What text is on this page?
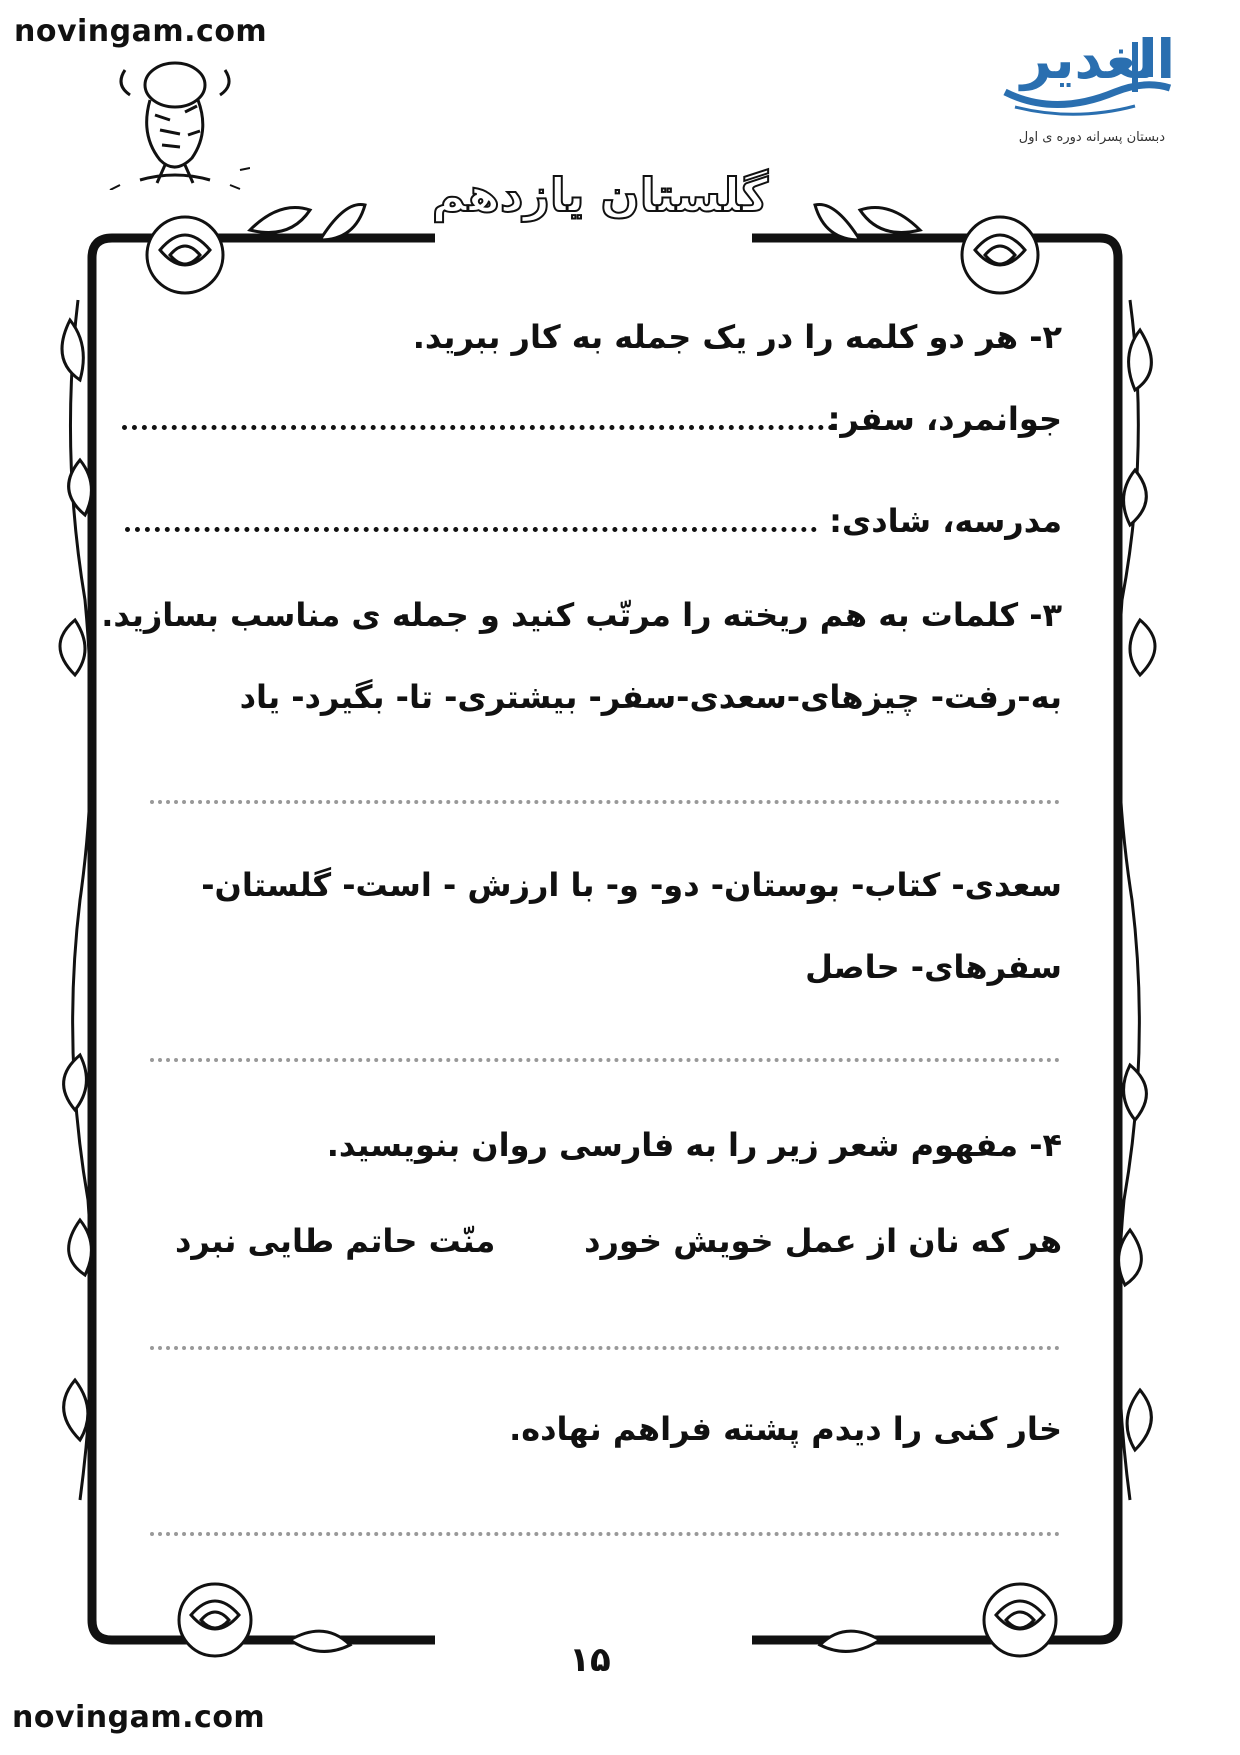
novingam.com
novingam.com
الغدیر
دبستان پسرانه دوره ی اول
گلستان یازدهم
۲- هر دو کلمه را در یک جمله به کار ببرید.
جوانمرد، سفر:
مدرسه، شادی:
۳- کلمات به هم ریخته را مرتّب کنید و جمله ی مناسب بسازید.
به-رفت- چیزهای-سعدی-سفر- بیشتری- تا- بگیرد- یاد
سعدی- کتاب- بوستان- دو- و- با ارزش - است- گلستان-
سفرهای- حاصل
۴- مفهوم شعر زیر را به فارسی روان بنویسید.
هر که نان از عمل خویش خورد
منّت حاتم طایی نبرد
خار کنی را دیدم پشته فراهم نهاده.
۱۵
